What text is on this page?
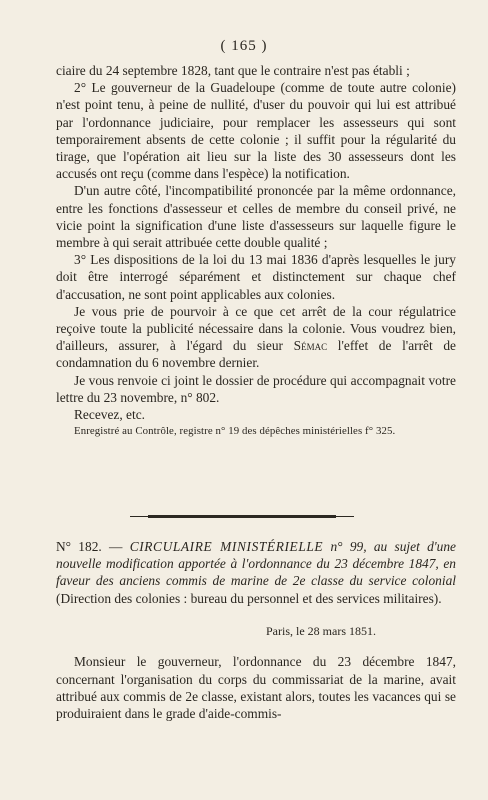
( 165 )

ciaire du 24 septembre 1828, tant que le contraire n'est pas établi ;

2° Le gouverneur de la Guadeloupe (comme de toute autre colonie) n'est point tenu, à peine de nullité, d'user du pouvoir qui lui est attribué par l'ordonnance judiciaire, pour remplacer les assesseurs qui sont temporairement absents de cette colonie ; il suffit pour la régularité du tirage, que l'opération ait lieu sur la liste des 30 assesseurs dont les accusés ont reçu (comme dans l'espèce) la notification.

D'un autre côté, l'incompatibilité prononcée par la même ordonnance, entre les fonctions d'assesseur et celles de membre du conseil privé, ne vicie point la signification d'une liste d'assesseurs sur laquelle figure le membre à qui serait attribuée cette double qualité ;

3° Les dispositions de la loi du 13 mai 1836 d'après lesquelles le jury doit être interrogé séparément et distinctement sur chaque chef d'accusation, ne sont point applicables aux colonies.

Je vous prie de pourvoir à ce que cet arrêt de la cour régulatrice reçoive toute la publicité nécessaire dans la colonie. Vous voudrez bien, d'ailleurs, assurer, à l'égard du sieur Sémac l'effet de l'arrêt de condamnation du 6 novembre dernier.

Je vous renvoie ci joint le dossier de procédure qui accompagnait votre lettre du 23 novembre, n° 802.

Recevez, etc.

Enregistré au Contrôle, registre n° 19 des dépêches ministérielles f° 325.

N° 182. — CIRCULAIRE MINISTÉRIELLE n° 99, au sujet d'une nouvelle modification apportée à l'ordonnance du 23 décembre 1847, en faveur des anciens commis de marine de 2e classe du service colonial (Direction des colonies : bureau du personnel et des services militaires).
Paris, le 28 mars 1851.

Monsieur le gouverneur, l'ordonnance du 23 décembre 1847, concernant l'organisation du corps du commissariat de la marine, avait attribué aux commis de 2e classe, existant alors, toutes les vacances qui se produiraient dans le grade d'aide-commis-
